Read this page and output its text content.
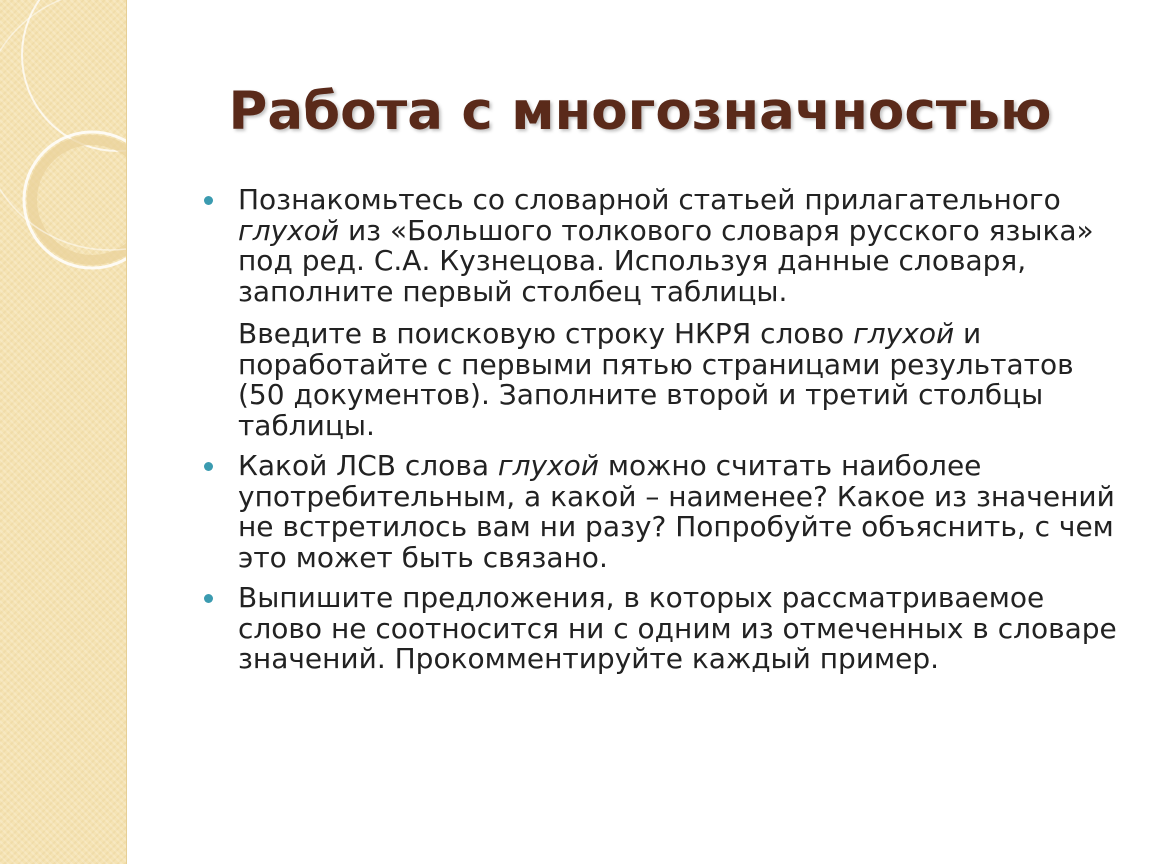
Работа с многозначностью

Познакомьтесь со словарной статьей прилагательного глухой из «Большого толкового словаря русского языка» под ред. С.А. Кузнецова. Используя данные словаря, заполните первый столбец таблицы.

Введите в поисковую строку НКРЯ слово глухой и поработайте с первыми пятью страницами результатов (50 документов). Заполните второй и третий столбцы таблицы.

Какой ЛСВ слова глухой можно считать наиболее употребительным, а какой – наименее? Какое из значений не встретилось вам ни разу? Попробуйте объяснить, с чем это может быть связано.

Выпишите предложения, в которых рассматриваемое слово не соотносится ни с одним из отмеченных в словаре значений. Прокомментируйте каждый пример.
